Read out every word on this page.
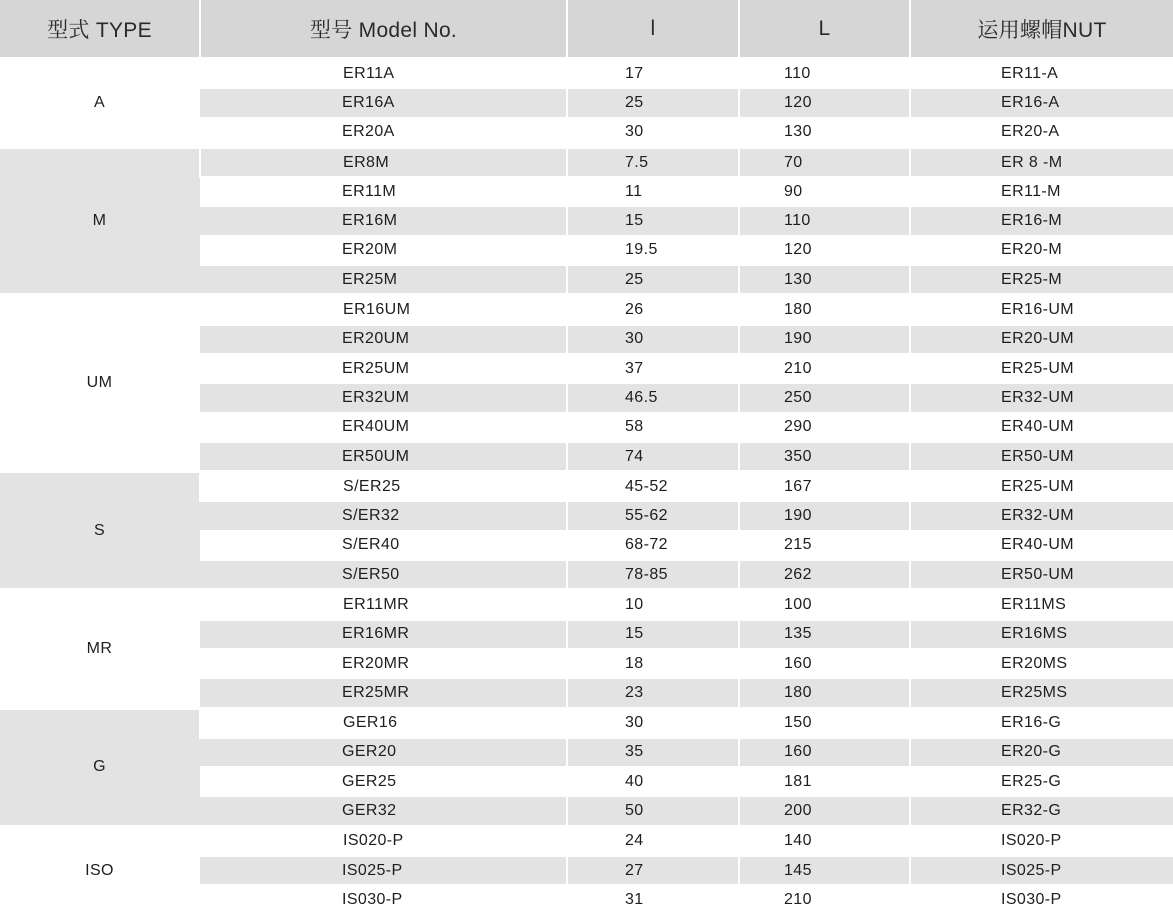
型式 TYPE	型号 Model No.	l	L	运用螺帽NUT
A	ER11A	17	110	ER11-A
	ER16A	25	120	ER16-A
	ER20A	30	130	ER20-A
M	ER8M	7.5	70	ER 8 -M
	ER11M	11	90	ER11-M
	ER16M	15	110	ER16-M
	ER20M	19.5	120	ER20-M
	ER25M	25	130	ER25-M
UM	ER16UM	26	180	ER16-UM
	ER20UM	30	190	ER20-UM
	ER25UM	37	210	ER25-UM
	ER32UM	46.5	250	ER32-UM
	ER40UM	58	290	ER40-UM
	ER50UM	74	350	ER50-UM
S	S/ER25	45-52	167	ER25-UM
	S/ER32	55-62	190	ER32-UM
	S/ER40	68-72	215	ER40-UM
	S/ER50	78-85	262	ER50-UM
MR	ER11MR	10	100	ER11MS
	ER16MR	15	135	ER16MS
	ER20MR	18	160	ER20MS
	ER25MR	23	180	ER25MS
G	GER16	30	150	ER16-G
	GER20	35	160	ER20-G
	GER25	40	181	ER25-G
	GER32	50	200	ER32-G
ISO	IS020-P	24	140	IS020-P
	IS025-P	27	145	IS025-P
	IS030-P	31	210	IS030-P
